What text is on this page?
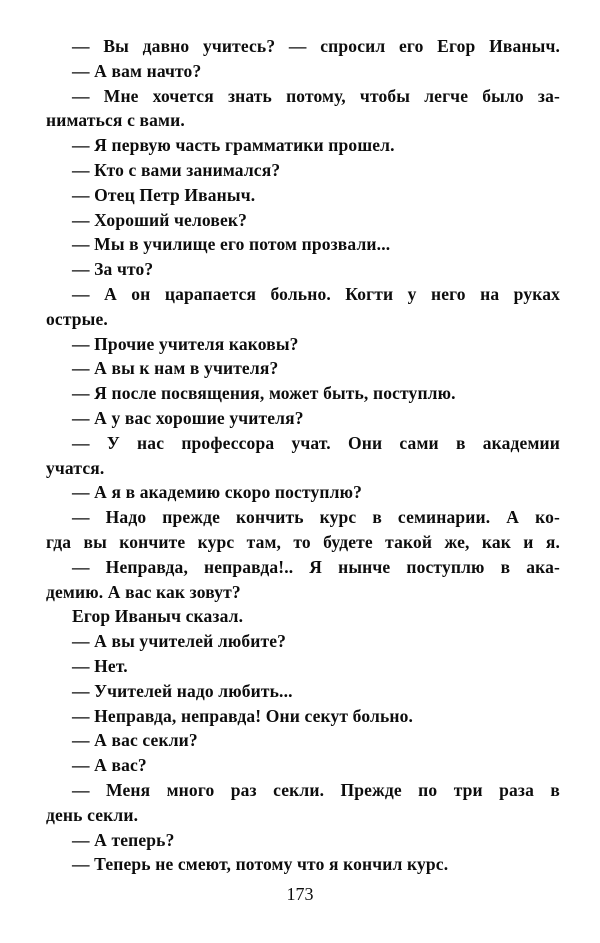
— Вы давно учитесь? — спросил его Егор Иваныч.
— А вам начто?
— Мне хочется знать потому, чтобы легче было за-
ниматься с вами.
— Я первую часть грамматики прошел.
— Кто с вами занимался?
— Отец Петр Иваныч.
— Хороший человек?
— Мы в училище его потом прозвали...
— За что?
— А он царапается больно. Когти у него на руках
острые.
— Прочие учителя каковы?
— А вы к нам в учителя?
— Я после посвящения, может быть, поступлю.
— А у вас хорошие учителя?
— У нас профессора учат. Они сами в академии
учатся.
— А я в академию скоро поступлю?
— Надо прежде кончить курс в семинарии. А ко-
гда вы кончите курс там, то будете такой же, как и я.
— Неправда, неправда!.. Я нынче поступлю в ака-
демию. А вас как зовут?
Егор Иваныч сказал.
— А вы учителей любите?
— Нет.
— Учителей надо любить...
— Неправда, неправда! Они секут больно.
— А вас секли?
— А вас?
— Меня много раз секли. Прежде по три раза в
день секли.
— А теперь?
— Теперь не смеют, потому что я кончил курс.
173
